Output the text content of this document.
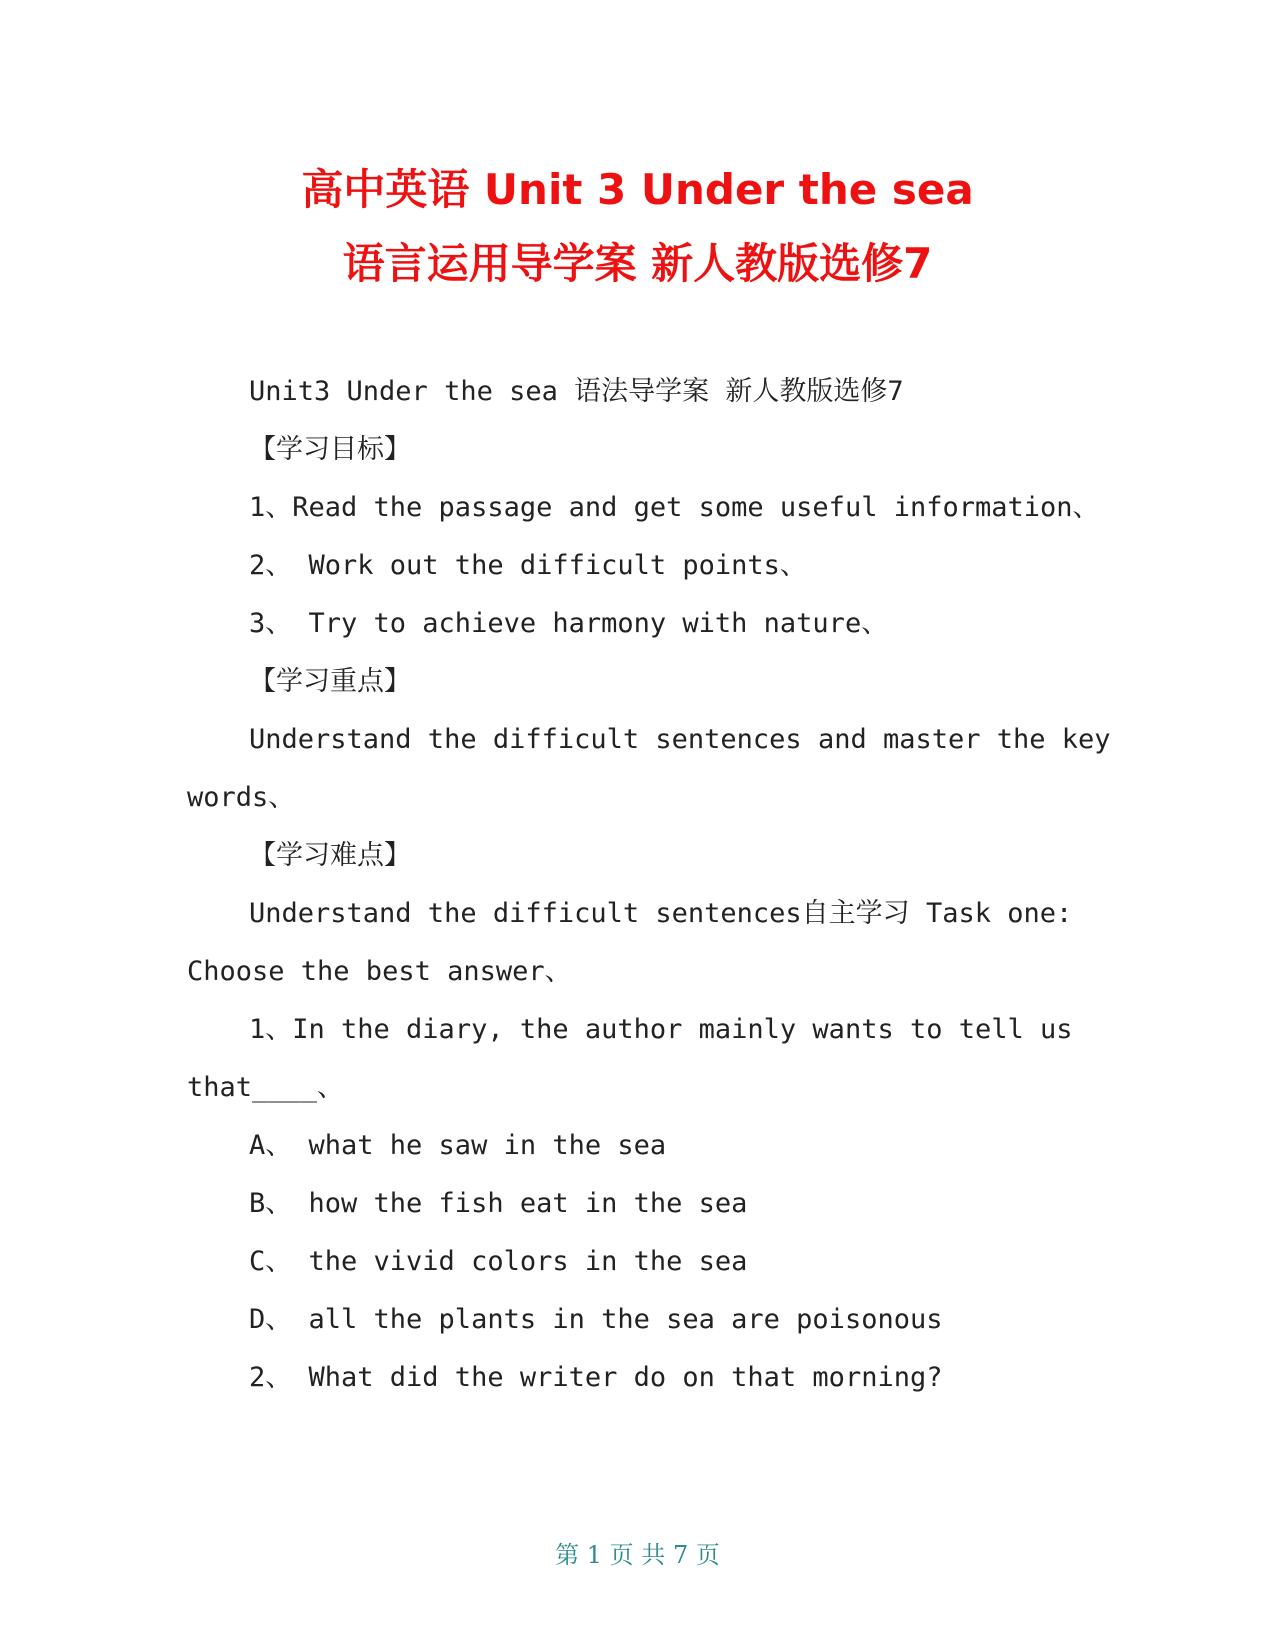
高中英语 Unit 3 Under the sea
语言运用导学案 新人教版选修7
Unit3 Under the sea 语法导学案 新人教版选修7
【学习目标】
1、Read the passage and get some useful information、
2、 Work out the difficult points、
3、 Try to achieve harmony with nature、
【学习重点】
Understand the difficult sentences and master the key
words、
【学习难点】
Understand the difficult sentences自主学习 Task one:
Choose the best answer、
1、In the diary, the author mainly wants to tell us
that____、
A、 what he saw in the sea
B、 how the fish eat in the sea
C、 the vivid colors in the sea
D、 all the plants in the sea are poisonous
2、 What did the writer do on that morning?
第 1 页 共 7 页
